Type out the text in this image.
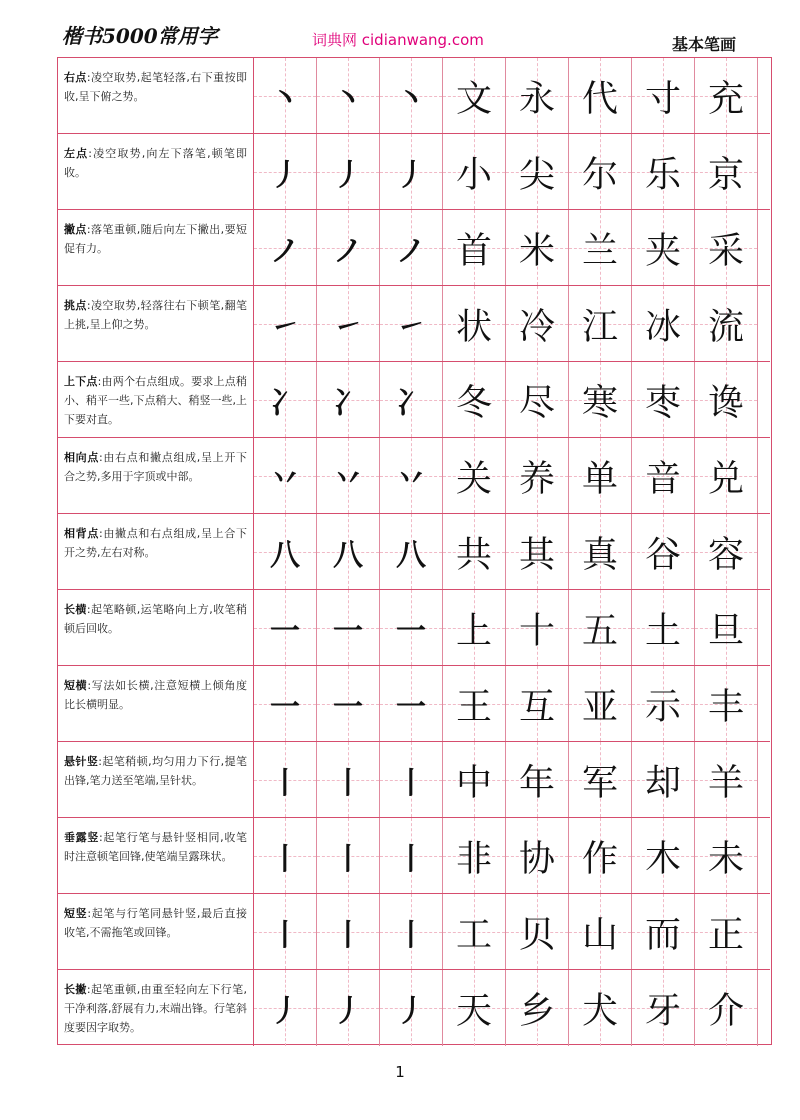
楷书5000常用字	词典网 cidianwang.com	基本笔画
右点:凌空取势,起笔轻落,右下重按即收,呈下俯之势。	丶	丶	丶 文 永 代 寸 充
左点:凌空取势,向左下落笔,顿笔即收。	丿	丿	丿 小 尖 尔 乐 京
撇点:落笔重顿,随后向左下撇出,要短促有力。	ノ	ノ	ノ 首 米 兰 夹 采
挑点:凌空取势,轻落往右下顿笔,翻笔上挑,呈上仰之势。	㇀	㇀	㇀ 状 冷 江 冰 流
上下点:由两个右点组成。要求上点稍小、稍平一些,下点稍大、稍竖一些,上下要对直。	冫	冫	冫 冬 尽 寒 枣 谗
相向点:由右点和撇点组成,呈上开下合之势,多用于字顶或中部。	丷	丷	丷 关 养 单 音 兑
相背点:由撇点和右点组成,呈上合下开之势,左右对称。	八	八	八 共 其 真 谷 容
长横:起笔略顿,运笔略向上方,收笔稍顿后回收。	一	一	一 上 十 五 土 旦
短横:写法如长横,注意短横上倾角度比长横明显。	一	一	一 王 互 亚 示 丰
悬针竖:起笔稍顿,均匀用力下行,提笔出锋,笔力送至笔端,呈针状。	丨	丨	丨 中 年 军 却 羊
垂露竖:起笔行笔与悬针竖相同,收笔时注意顿笔回锋,使笔端呈露珠状。	丨	丨	丨 非 协 作 木 未
短竖:起笔与行笔同悬针竖,最后直接收笔,不需拖笔或回锋。	丨	丨	丨 工 贝 山 而 正
长撇:起笔重顿,由重至轻向左下行笔,干净利落,舒展有力,末端出锋。行笔斜度要因字取势。	丿	丿	丿 天 乡 犬 牙 介
1
